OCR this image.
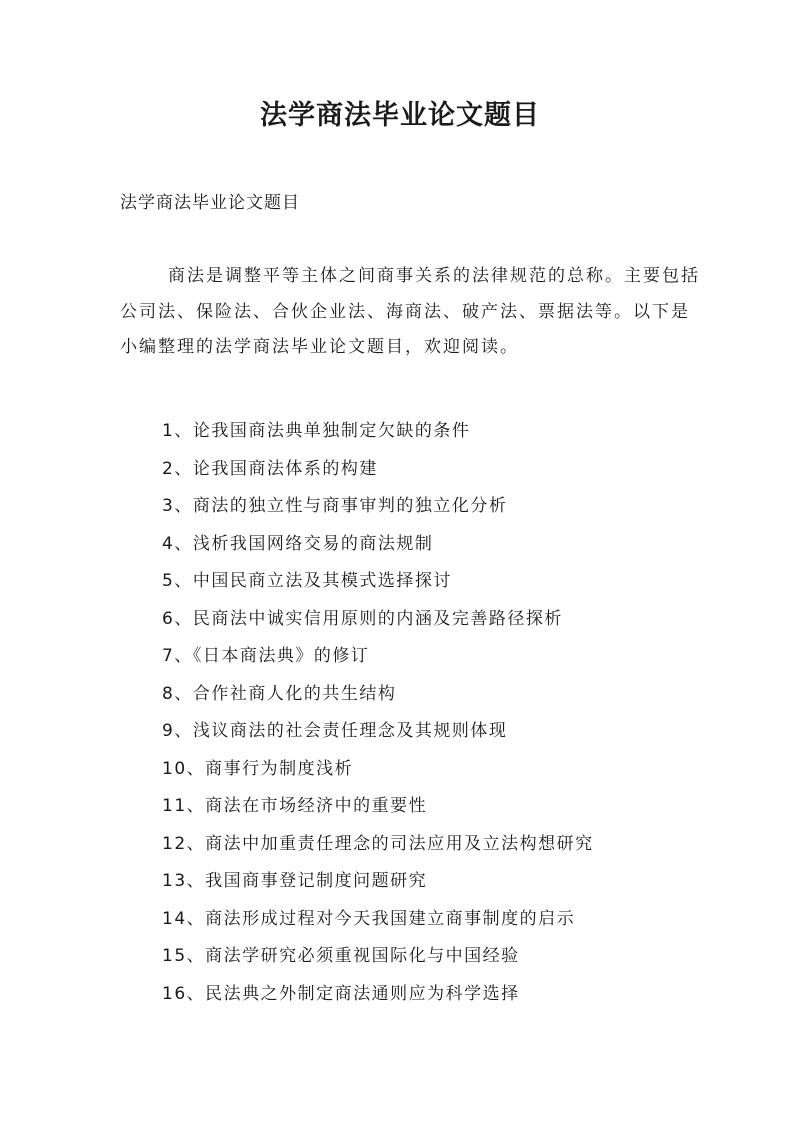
法学商法毕业论文题目

法学商法毕业论文题目

商法是调整平等主体之间商事关系的法律规范的总称。主要包括公司法、保险法、合伙企业法、海商法、破产法、票据法等。以下是小编整理的法学商法毕业论文题目，欢迎阅读。

1、论我国商法典单独制定欠缺的条件
2、论我国商法体系的构建
3、商法的独立性与商事审判的独立化分析
4、浅析我国网络交易的商法规制
5、中国民商立法及其模式选择探讨
6、民商法中诚实信用原则的内涵及完善路径探析
7、《日本商法典》的修订
8、合作社商人化的共生结构
9、浅议商法的社会责任理念及其规则体现
10、商事行为制度浅析
11、商法在市场经济中的重要性
12、商法中加重责任理念的司法应用及立法构想研究
13、我国商事登记制度问题研究
14、商法形成过程对今天我国建立商事制度的启示
15、商法学研究必须重视国际化与中国经验
16、民法典之外制定商法通则应为科学选择
